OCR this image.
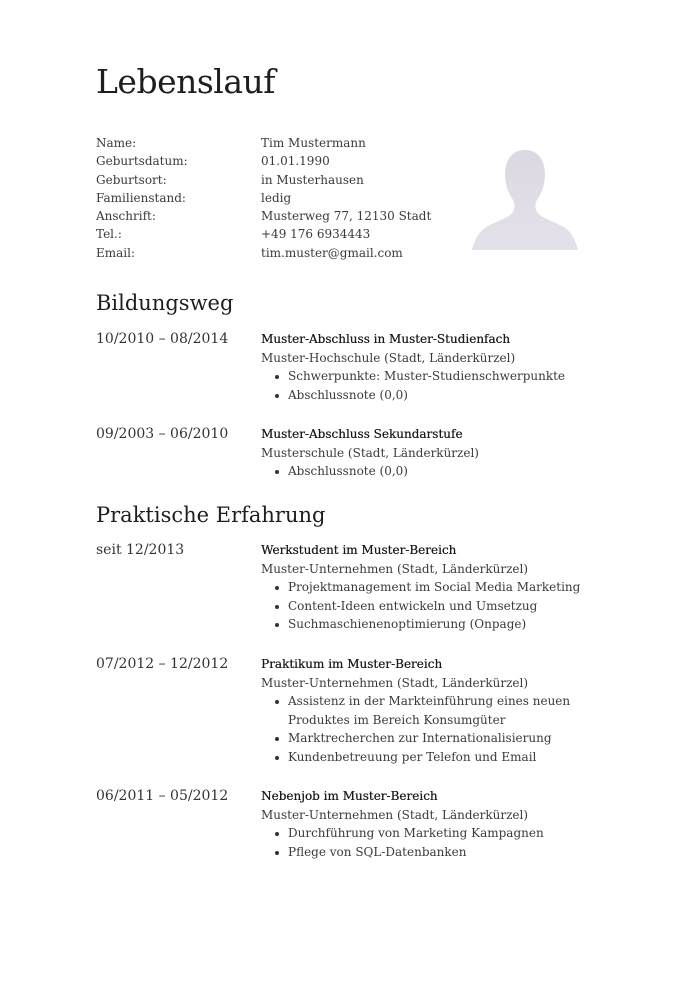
Lebenslauf
Name:	Tim Mustermann
Geburtsdatum:	01.01.1990
Geburtsort:	in Musterhausen
Familienstand:	ledig
Anschrift:	Musterweg 77, 12130 Stadt
Tel.:	+49 176 6934443
Email:	tim.muster@gmail.com
Bildungsweg
10/2010 – 08/2014	Muster-Abschluss in Muster-Studienfach
Muster-Hochschule (Stadt, Länderkürzel)
Schwerpunkte: Muster-Studienschwerpunkte
Abschlussnote (0,0)
09/2003 – 06/2010	Muster-Abschluss Sekundarstufe
Musterschule (Stadt, Länderkürzel)
Abschlussnote (0,0)
Praktische Erfahrung
seit 12/2013	Werkstudent im Muster-Bereich
Muster-Unternehmen (Stadt, Länderkürzel)
Projektmanagement im Social Media Marketing
Content-Ideen entwickeln und Umsetzug
Suchmaschienenoptimierung (Onpage)
07/2012 – 12/2012	Praktikum im Muster-Bereich
Muster-Unternehmen (Stadt, Länderkürzel)
Assistenz in der Markteinführung eines neuen Produktes im Bereich Konsumgüter
Marktrecherchen zur Internationalisierung
Kundenbetreuung per Telefon und Email
06/2011 – 05/2012	Nebenjob im Muster-Bereich
Muster-Unternehmen (Stadt, Länderkürzel)
Durchführung von Marketing Kampagnen
Pflege von SQL-Datenbanken
